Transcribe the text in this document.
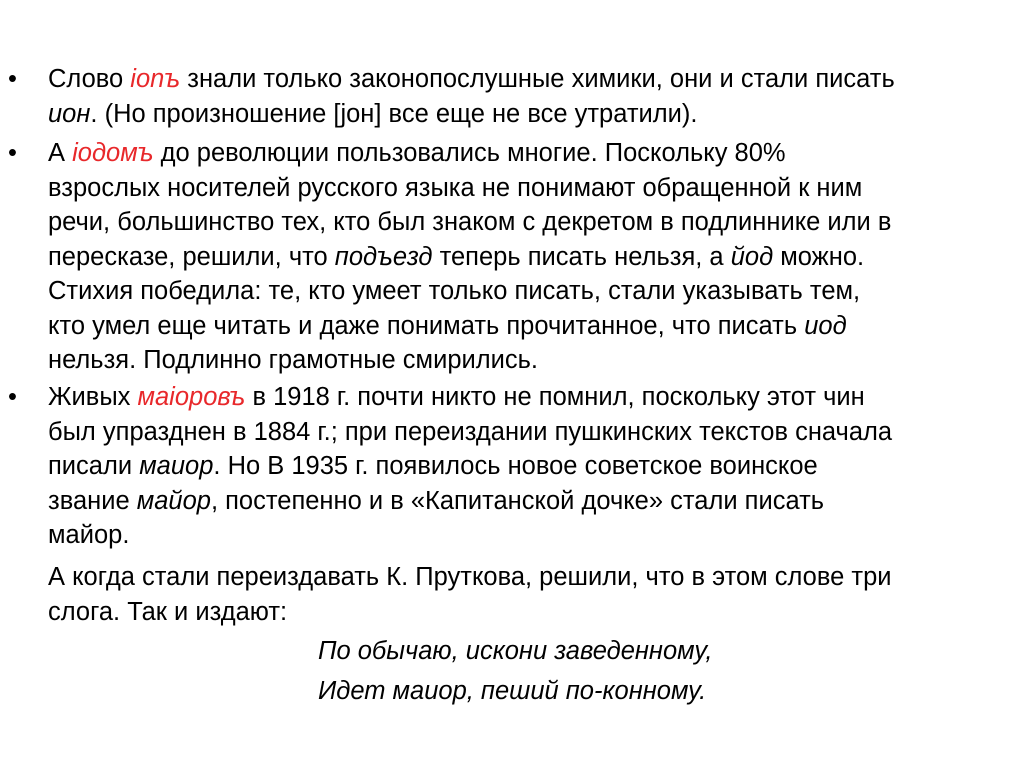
• Слово ionъ знали только законопослушные химики, они и стали писать
ион. (Но произношение [jон] все еще не все утратили).
• А iодомъ до революции пользовались многие. Поскольку 80%
взрослых носителей русского языка не понимают обращенной к ним
речи, большинство тех, кто был знаком с декретом в подлиннике или в
пересказе, решили, что подъезд теперь писать нельзя, а йод можно.
Стихия победила: те, кто умеет только писать, стали указывать тем,
кто умел еще читать и даже понимать прочитанное, что писать иод
нельзя. Подлинно грамотные смирились.
• Живых маiоровъ в 1918 г. почти никто не помнил, поскольку этот чин
был упразднен в 1884 г.; при переиздании пушкинских текстов сначала
писали маиор. Но В 1935 г. появилось новое советское воинское
звание майор, постепенно и в «Капитанской дочке» стали писать
майор.
А когда стали переиздавать К. Пруткова, решили, что в этом слове три
слога. Так и издают:
По обычаю, искони заведенному,
Идет маиор, пеший по-конному.
